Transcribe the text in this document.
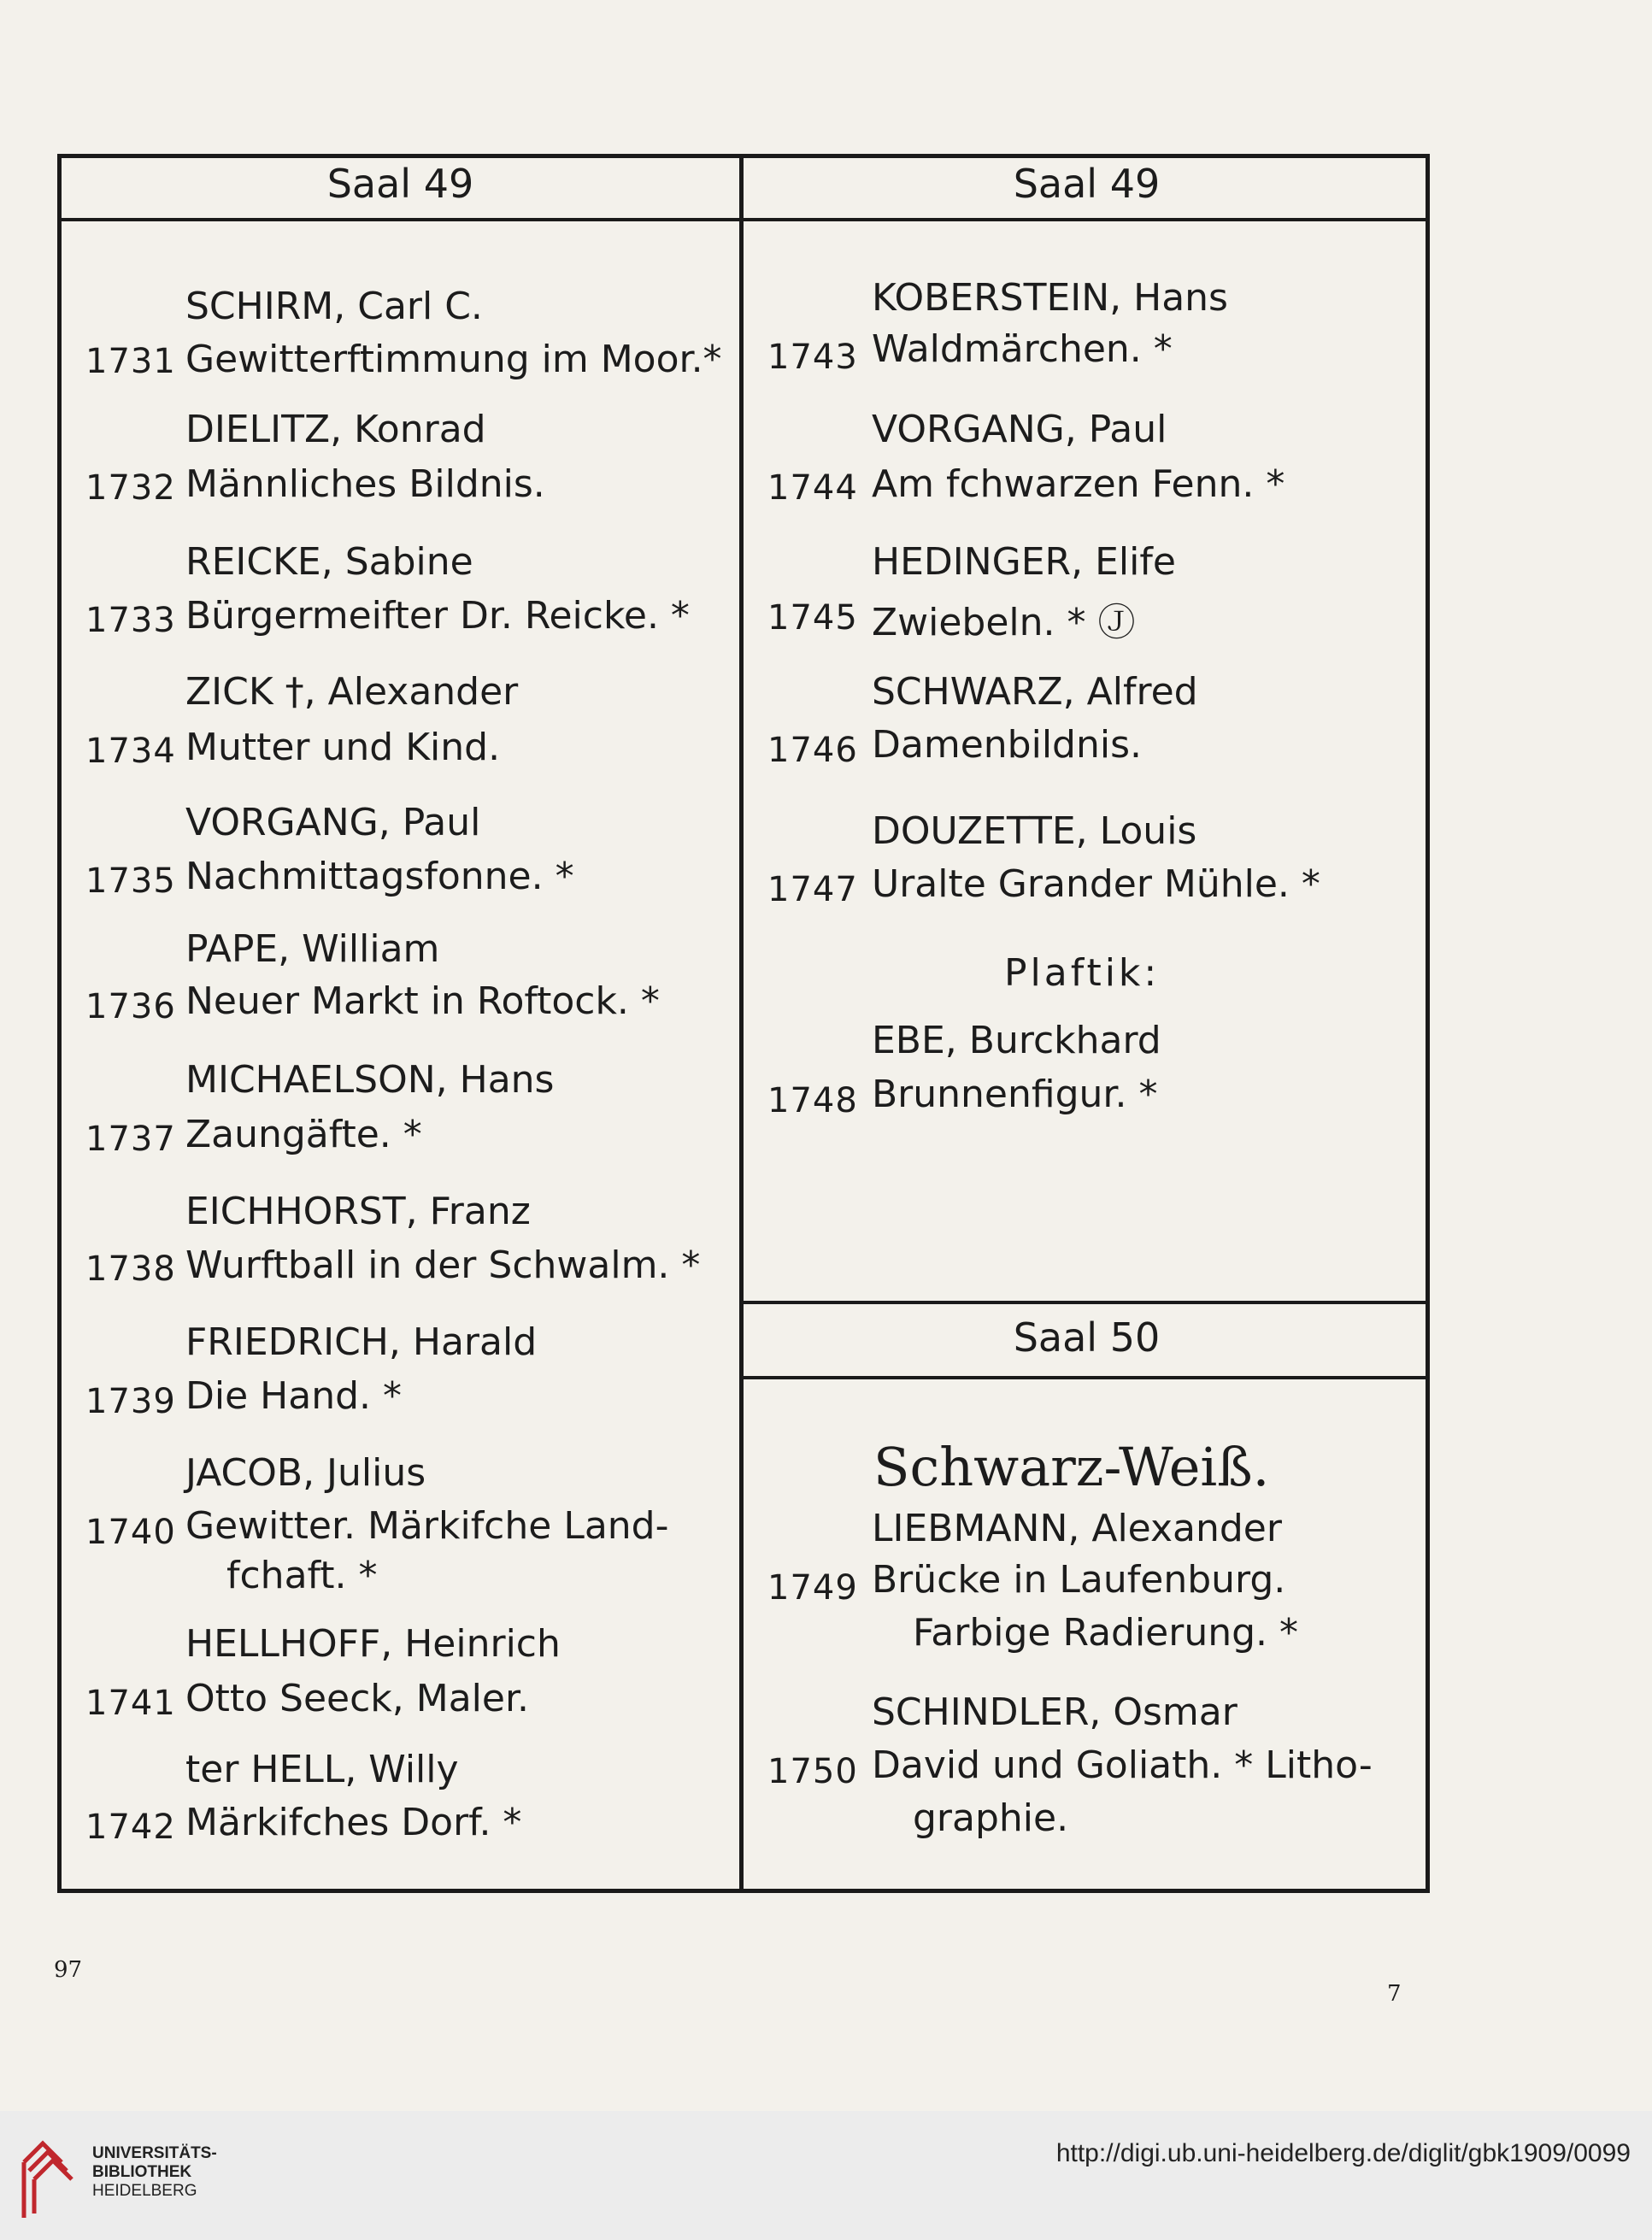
Saal 49	Saal 49
SCHIRM, Carl C.
1731 Gewitterftimmung im Moor.*
DIELITZ, Konrad
1732 Männliches Bildnis.
REICKE, Sabine
1733 Bürgermeifter Dr. Reicke. *
ZICK †, Alexander
1734 Mutter und Kind.
VORGANG, Paul
1735 Nachmittagsfonne. *
PAPE, William
1736 Neuer Markt in Roftock. *
MICHAELSON, Hans
1737 Zaungäfte. *
EICHHORST, Franz
1738 Wurftball in der Schwalm. *
FRIEDRICH, Harald
1739 Die Hand. *
JACOB, Julius
1740 Gewitter. Märkifche Land-
fchaft. *
HELLHOFF, Heinrich
1741 Otto Seeck, Maler.
ter HELL, Willy
1742 Märkifches Dorf. *
KOBERSTEIN, Hans
1743 Waldmärchen. *
VORGANG, Paul
1744 Am fchwarzen Fenn. *
HEDINGER, Elife
1745 Zwiebeln. * Ⓙ
SCHWARZ, Alfred
1746 Damenbildnis.
DOUZETTE, Louis
1747 Uralte Grander Mühle. *
Plaftik:
EBE, Burckhard
1748 Brunnenfigur. *
Saal 50
Schwarz-Weiß.
LIEBMANN, Alexander
1749 Brücke in Laufenburg.
Farbige Radierung. *
SCHINDLER, Osmar
1750 David und Goliath. * Litho-
graphie.
97
7
UNIVERSITÄTS-
BIBLIOTHEK
HEIDELBERG
http://digi.ub.uni-heidelberg.de/diglit/gbk1909/0099
